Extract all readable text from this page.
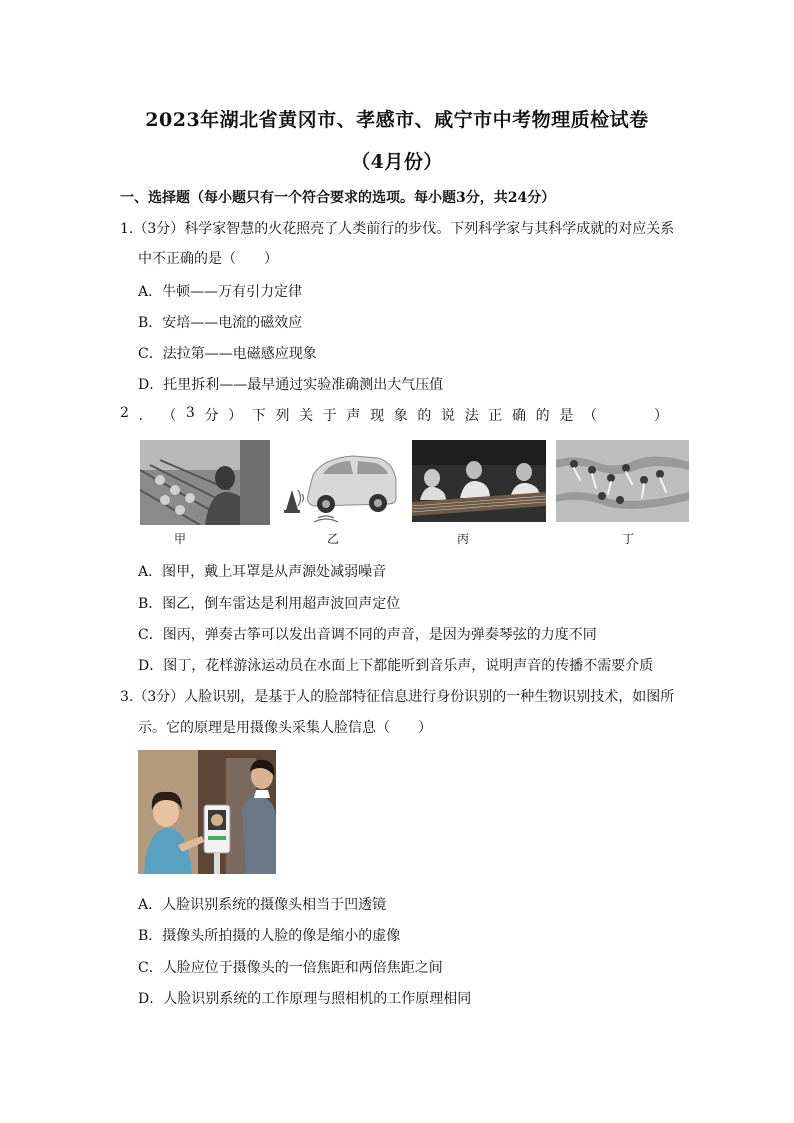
2023年湖北省黄冈市、孝感市、咸宁市中考物理质检试卷
（4月份）
一、选择题（每小题只有一个符合要求的选项。每小题3分，共24分）
1.（3分）科学家智慧的火花照亮了人类前行的步伐。下列科学家与其科学成就的对应关系
中不正确的是（　　）
A．牛顿——万有引力定律
B．安培——电流的磁效应
C．法拉第——电磁感应现象
D．托里拆利——最早通过实验准确测出大气压值
2 ． （ 3 分 ） 下 列 关 于 声 现 象 的 说 法 正 确 的 是 （

　	）
甲	乙	丙	丁
A．图甲，戴上耳罩是从声源处减弱噪音
B．图乙，倒车雷达是利用超声波回声定位
C．图丙，弹奏古筝可以发出音调不同的声音，是因为弹奏琴弦的力度不同
D．图丁，花样游泳运动员在水面上下都能听到音乐声，说明声音的传播不需要介质
3.（3分）人脸识别，是基于人的脸部特征信息进行身份识别的一种生物识别技术，如图所
示。它的原理是用摄像头采集人脸信息（　　）
A．人脸识别系统的摄像头相当于凹透镜
B．摄像头所拍摄的人脸的像是缩小的虚像
C．人脸应位于摄像头的一倍焦距和两倍焦距之间
D．人脸识别系统的工作原理与照相机的工作原理相同
